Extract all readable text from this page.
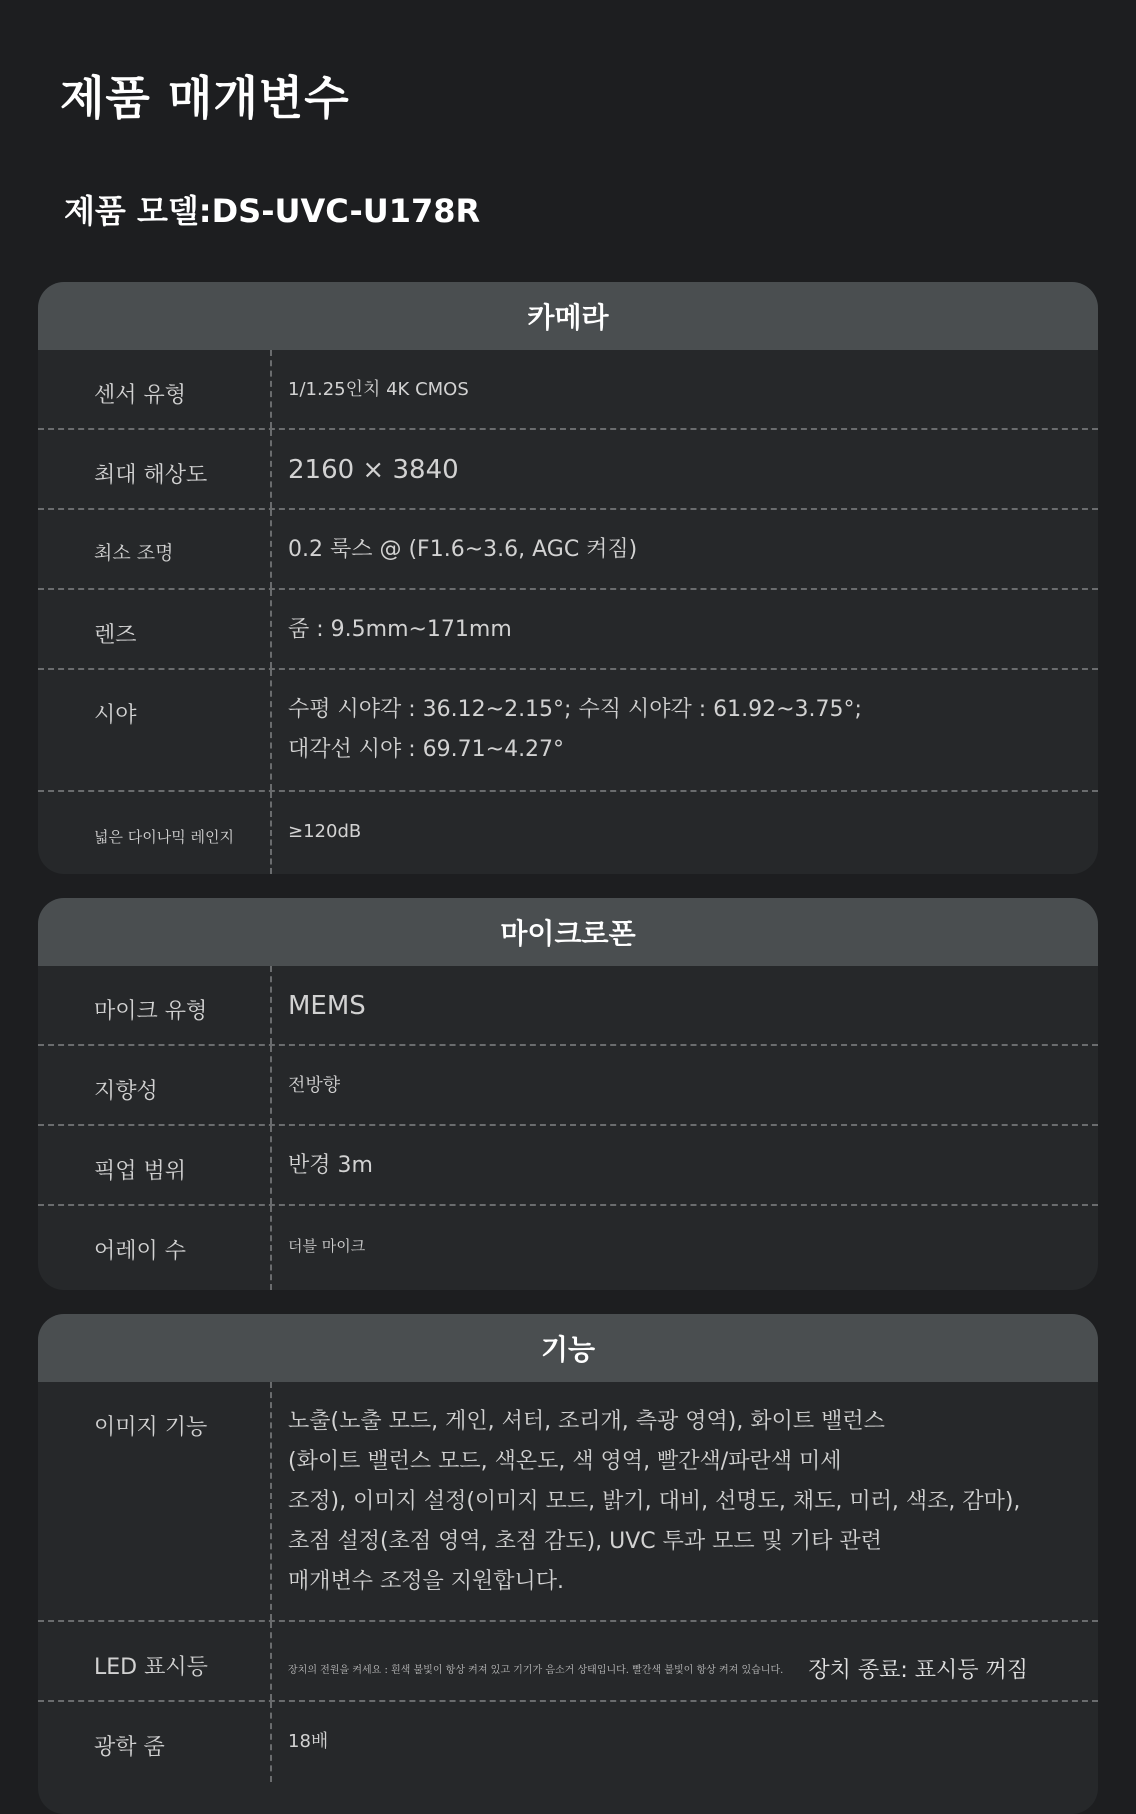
제품 매개변수
제품 모델:DS-UVC-U178R
카메라
센서 유형	1/1.25인치 4K CMOS
최대 해상도	2160 × 3840
최소 조명	0.2 룩스 @ (F1.6~3.6, AGC 켜짐)
렌즈	줌 : 9.5mm~171mm
시야	수평 시야각 : 36.12~2.15°; 수직 시야각 : 61.92~3.75°;
대각선 시야 : 69.71~4.27°
넓은 다이나믹 레인지	≥120dB
마이크로폰
마이크 유형	MEMS
지향성	전방향
픽업 범위	반경 3m
어레이 수	더블 마이크
기능
이미지 기능	노출(노출 모드, 게인, 셔터, 조리개, 측광 영역), 화이트 밸런스
(화이트 밸런스 모드, 색온도, 색 영역, 빨간색/파란색 미세
조정), 이미지 설정(이미지 모드, 밝기, 대비, 선명도, 채도, 미러, 색조, 감마),
초점 설정(초점 영역, 초점 감도), UVC 투과 모드 및 기타 관련
매개변수 조정을 지원합니다.
LED 표시등	장치의 전원을 켜세요 : 흰색 불빛이 항상 켜져 있고 기기가 음소거 상태입니다. 빨간색 불빛이 항상 켜져 있습니다. 장치 종료: 표시등 꺼짐
광학 줌	18배
